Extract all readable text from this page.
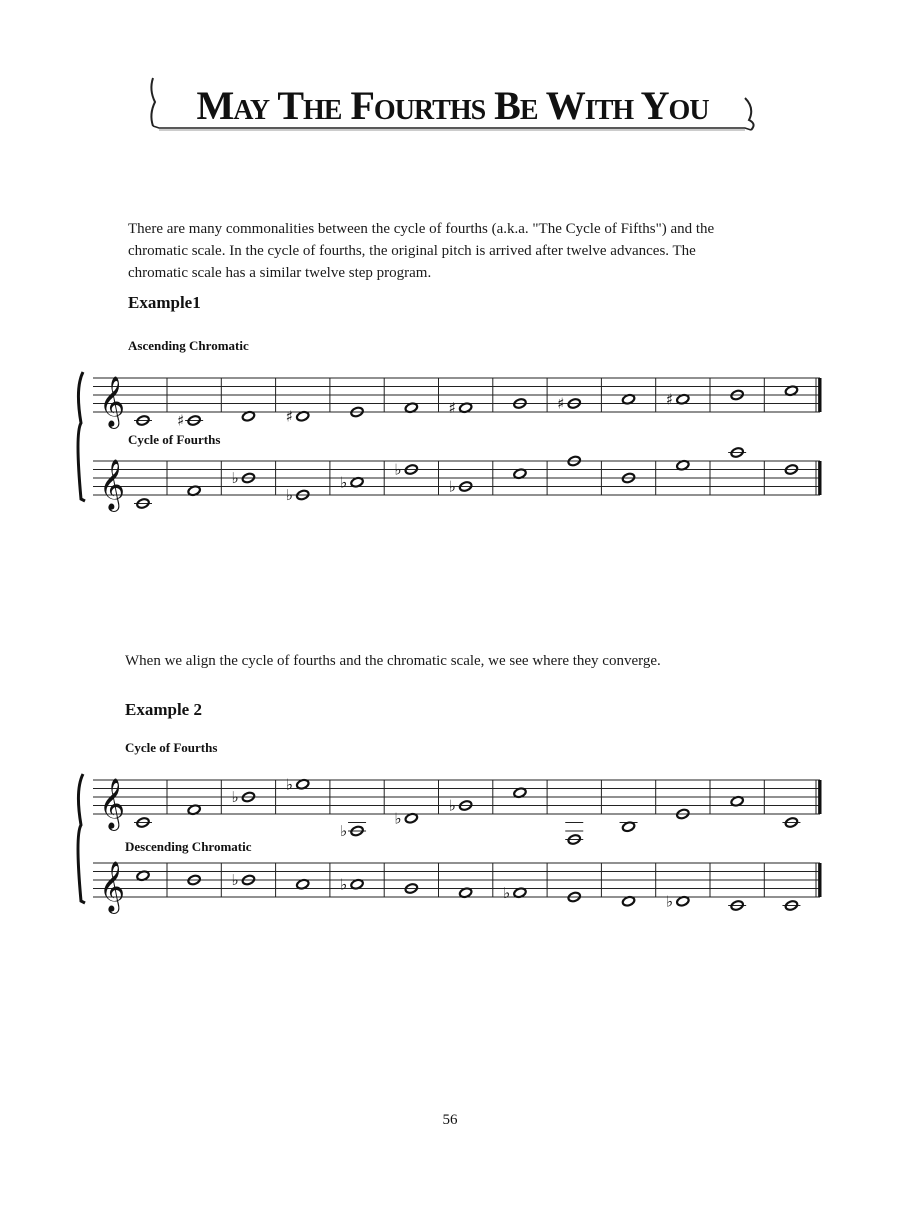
May The Fourths Be With You
There are many commonalities between the cycle of fourths (a.k.a. "The Cycle of Fifths") and the chromatic scale. In the cycle of fourths, the original pitch is arrived after twelve advances. The chromatic scale has a similar twelve step program.
Example1
Ascending Chromatic
𝄞	♯	♯	♯	♯	♯
𝄞	♭
♭
♭
♭
♭
Cycle of Fourths
When we align the cycle of fourths and the chromatic scale, we see where they converge.
Example 2
Cycle of Fourths
𝄞	♭
♭
♭
♭
♭
𝄞	♭	♭	♭	♭
Descending Chromatic
56
